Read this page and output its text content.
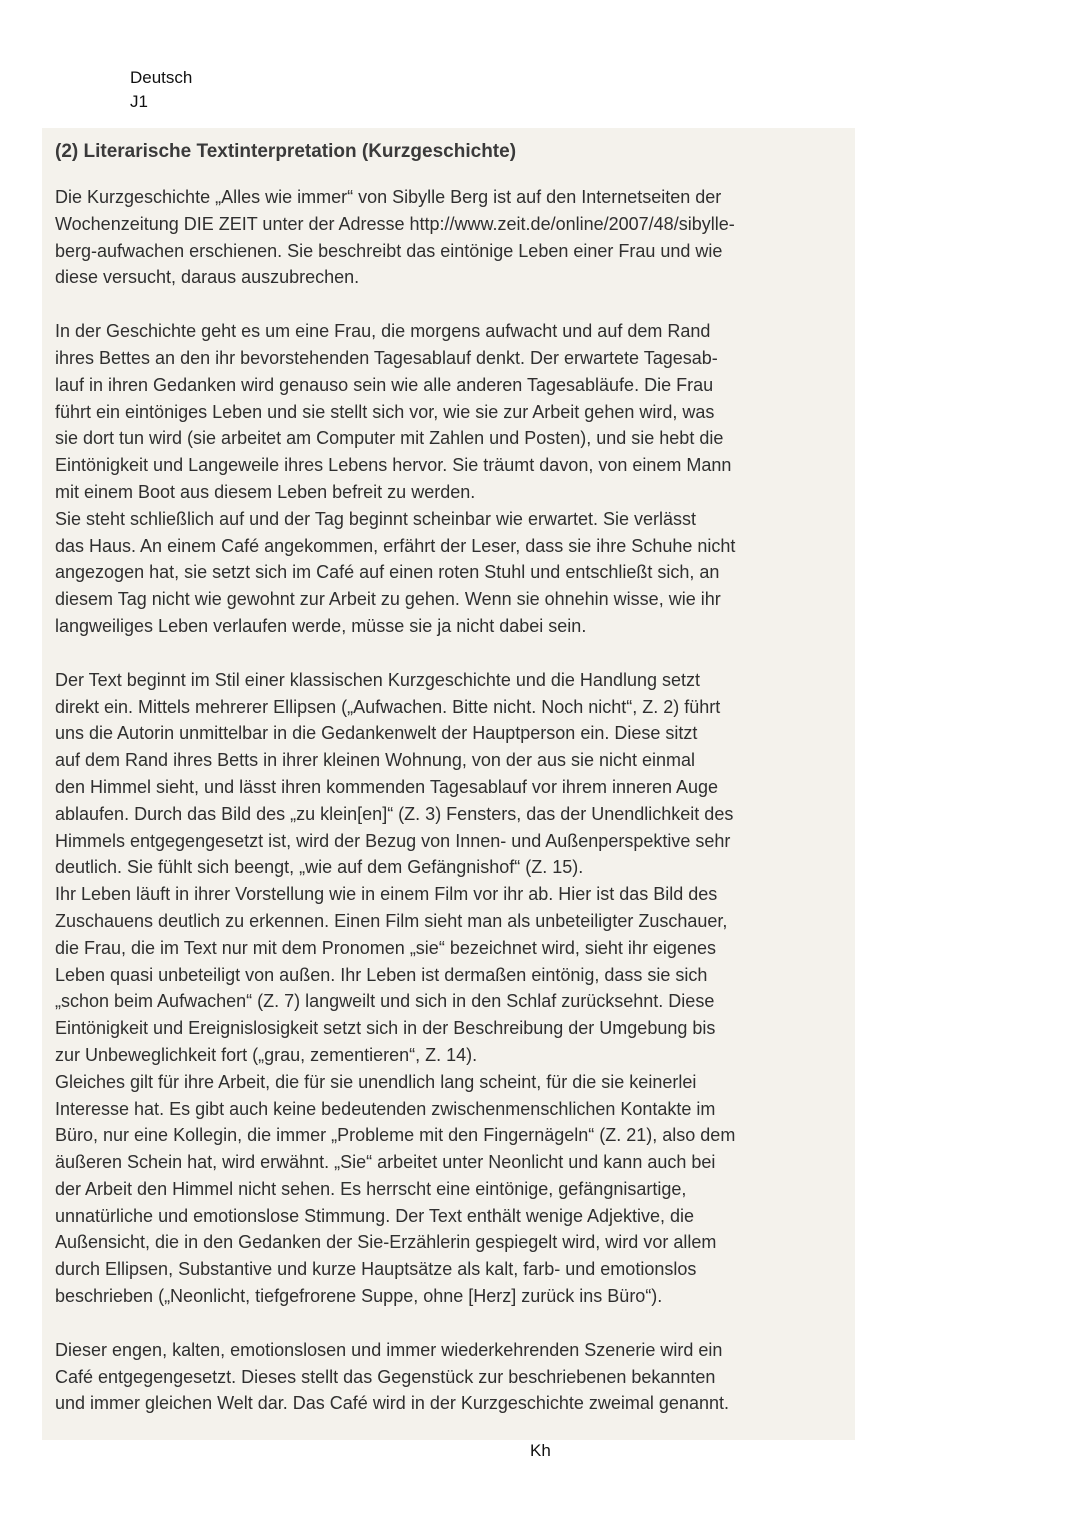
Deutsch
J1
(2) Literarische Textinterpretation (Kurzgeschichte)

Die Kurzgeschichte „Alles wie immer“ von Sibylle Berg ist auf den Internetseiten der
Wochenzeitung DIE ZEIT unter der Adresse http://www.zeit.de/online/2007/48/sibylle-
berg-aufwachen erschienen. Sie beschreibt das eintönige Leben einer Frau und wie
diese versucht, daraus auszubrechen.

In der Geschichte geht es um eine Frau, die morgens aufwacht und auf dem Rand
ihres Bettes an den ihr bevorstehenden Tagesablauf denkt. Der erwartete Tagesab-
lauf in ihren Gedanken wird genauso sein wie alle anderen Tagesabläufe. Die Frau
führt ein eintöniges Leben und sie stellt sich vor, wie sie zur Arbeit gehen wird, was
sie dort tun wird (sie arbeitet am Computer mit Zahlen und Posten), und sie hebt die
Eintönigkeit und Langeweile ihres Lebens hervor. Sie träumt davon, von einem Mann
mit einem Boot aus diesem Leben befreit zu werden.
Sie steht schließlich auf und der Tag beginnt scheinbar wie erwartet. Sie verlässt
das Haus. An einem Café angekommen, erfährt der Leser, dass sie ihre Schuhe nicht
angezogen hat, sie setzt sich im Café auf einen roten Stuhl und entschließt sich, an
diesem Tag nicht wie gewohnt zur Arbeit zu gehen. Wenn sie ohnehin wisse, wie ihr
langweiliges Leben verlaufen werde, müsse sie ja nicht dabei sein.

Der Text beginnt im Stil einer klassischen Kurzgeschichte und die Handlung setzt
direkt ein. Mittels mehrerer Ellipsen („Aufwachen. Bitte nicht. Noch nicht“, Z. 2) führt
uns die Autorin unmittelbar in die Gedankenwelt der Hauptperson ein. Diese sitzt
auf dem Rand ihres Betts in ihrer kleinen Wohnung, von der aus sie nicht einmal
den Himmel sieht, und lässt ihren kommenden Tagesablauf vor ihrem inneren Auge
ablaufen. Durch das Bild des „zu klein[en]“ (Z. 3) Fensters, das der Unendlichkeit des
Himmels entgegengesetzt ist, wird der Bezug von Innen- und Außenperspektive sehr
deutlich. Sie fühlt sich beengt, „wie auf dem Gefängnishof“ (Z. 15).
Ihr Leben läuft in ihrer Vorstellung wie in einem Film vor ihr ab. Hier ist das Bild des
Zuschauens deutlich zu erkennen. Einen Film sieht man als unbeteiligter Zuschauer,
die Frau, die im Text nur mit dem Pronomen „sie“ bezeichnet wird, sieht ihr eigenes
Leben quasi unbeteiligt von außen. Ihr Leben ist dermaßen eintönig, dass sie sich
„schon beim Aufwachen“ (Z. 7) langweilt und sich in den Schlaf zurücksehnt. Diese
Eintönigkeit und Ereignislosigkeit setzt sich in der Beschreibung der Umgebung bis
zur Unbeweglichkeit fort („grau, zementieren“, Z. 14).
Gleiches gilt für ihre Arbeit, die für sie unendlich lang scheint, für die sie keinerlei
Interesse hat. Es gibt auch keine bedeutenden zwischenmenschlichen Kontakte im
Büro, nur eine Kollegin, die immer „Probleme mit den Fingernägeln“ (Z. 21), also dem
äußeren Schein hat, wird erwähnt. „Sie“ arbeitet unter Neonlicht und kann auch bei
der Arbeit den Himmel nicht sehen. Es herrscht eine eintönige, gefängnisartige,
unnatürliche und emotionslose Stimmung. Der Text enthält wenige Adjektive, die
Außensicht, die in den Gedanken der Sie-Erzählerin gespiegelt wird, wird vor allem
durch Ellipsen, Substantive und kurze Hauptsätze als kalt, farb- und emotionslos
beschrieben („Neonlicht, tiefgefrorene Suppe, ohne [Herz] zurück ins Büro“).

Dieser engen, kalten, emotionslosen und immer wiederkehrenden Szenerie wird ein
Café entgegengesetzt. Dieses stellt das Gegenstück zur beschriebenen bekannten
und immer gleichen Welt dar. Das Café wird in der Kurzgeschichte zweimal genannt.

Kh
